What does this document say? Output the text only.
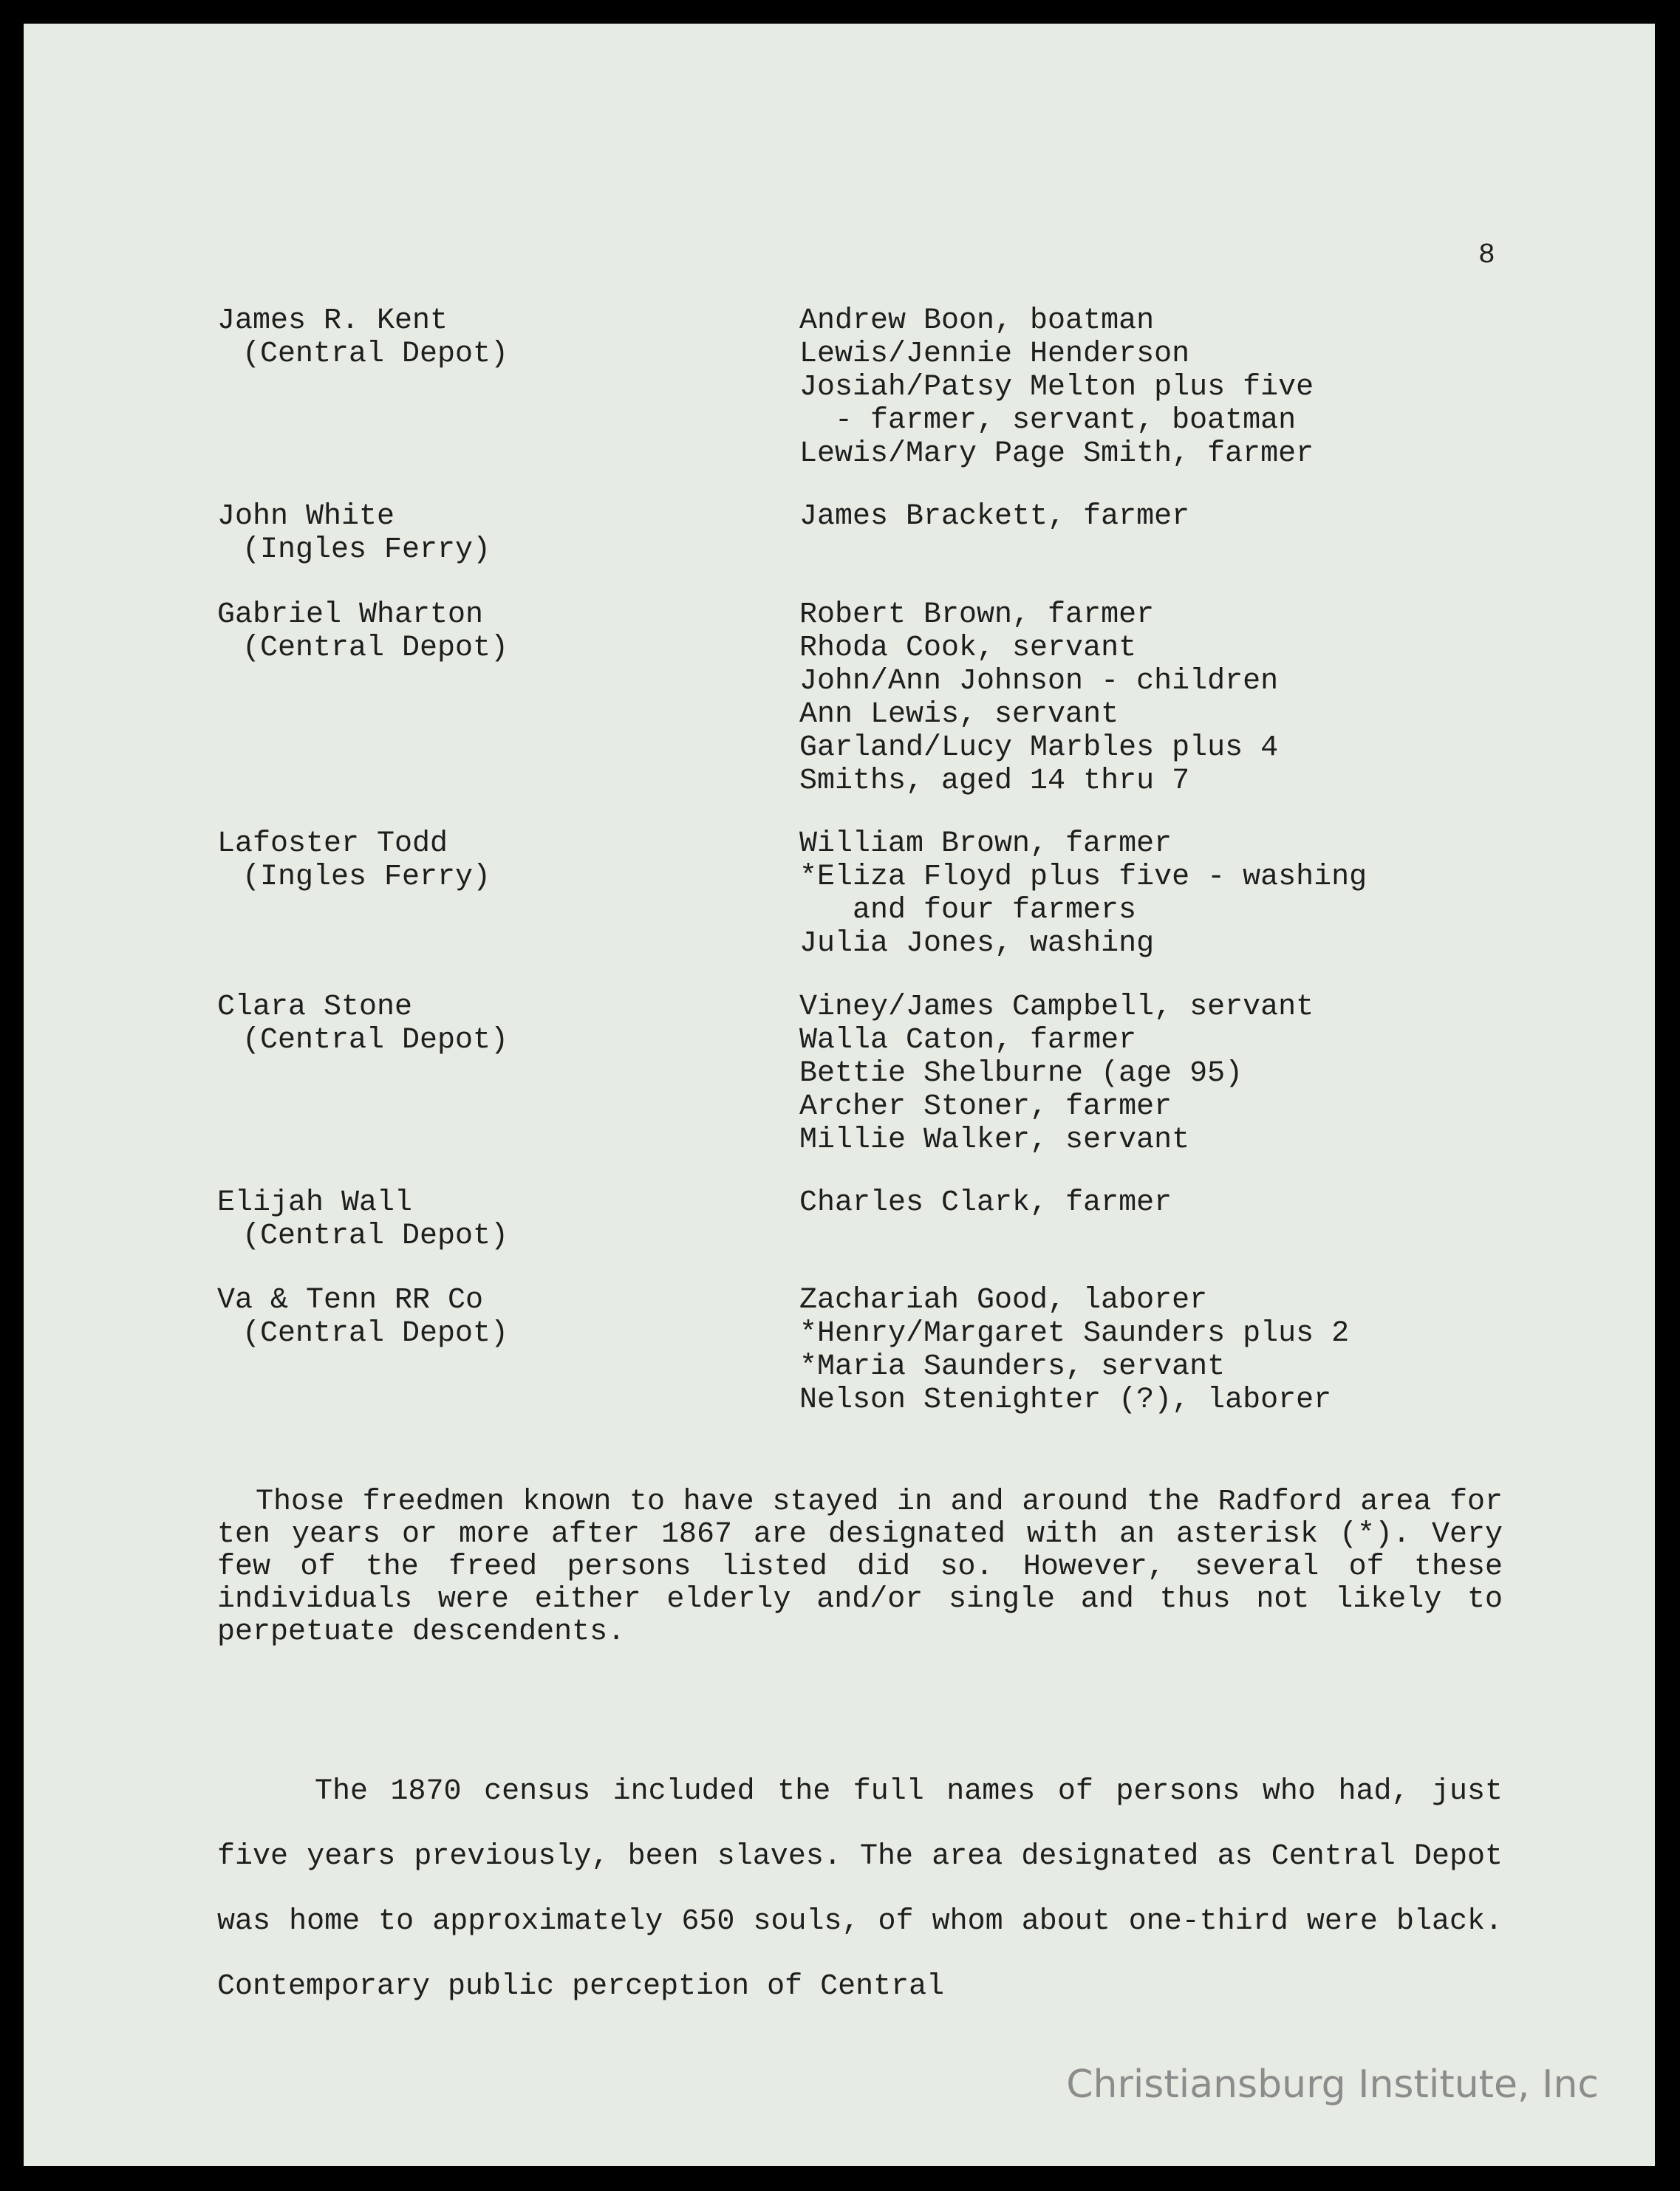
8
James R. Kent
(Central Depot)
Andrew Boon, boatman
Lewis/Jennie Henderson
Josiah/Patsy Melton plus five
- farmer, servant, boatman
Lewis/Mary Page Smith, farmer
John White
(Ingles Ferry)
James Brackett, farmer
Gabriel Wharton
(Central Depot)
Robert Brown, farmer
Rhoda Cook, servant
John/Ann Johnson - children
Ann Lewis, servant
Garland/Lucy Marbles plus 4
Smiths, aged 14 thru 7
Lafoster Todd
(Ingles Ferry)
William Brown, farmer
*Eliza Floyd plus five - washing
and four farmers
Julia Jones, washing
Clara Stone
(Central Depot)
Viney/James Campbell, servant
Walla Caton, farmer
Bettie Shelburne (age 95)
Archer Stoner, farmer
Millie Walker, servant
Elijah Wall
(Central Depot)
Charles Clark, farmer
Va & Tenn RR Co
(Central Depot)
Zachariah Good, laborer
*Henry/Margaret Saunders plus 2
*Maria Saunders, servant
Nelson Stenighter (?), laborer

Those freedmen known to have stayed in and around the Radford area for ten years or more after 1867 are designated with an asterisk (*). Very few of the freed persons listed did so. However, several of these individuals were either elderly and/or single and thus not likely to perpetuate descendents.

The 1870 census included the full names of persons who had, just five years previously, been slaves. The area designated as Central Depot was home to approximately 650 souls, of whom about one-third were black. Contemporary public perception of Central

Christiansburg Institute, Inc
